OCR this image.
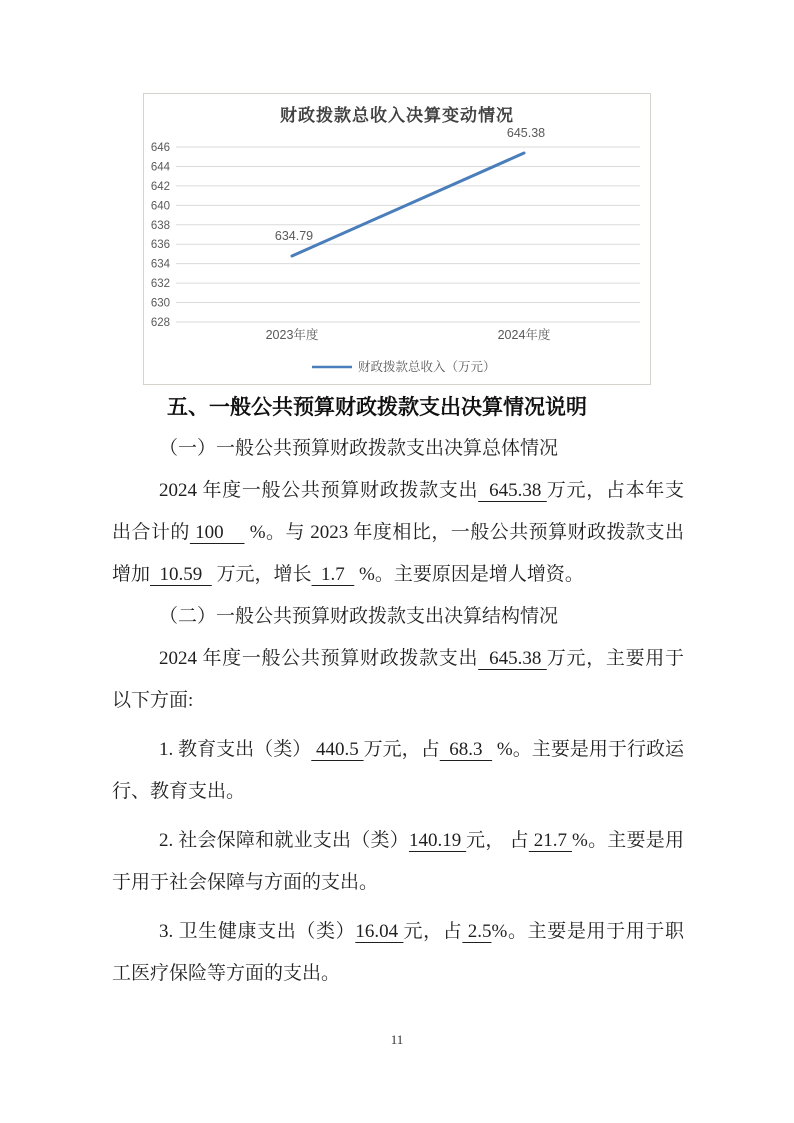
财政拨款总收入决算变动情况
628
630
632
634
636
638
640
642
644
646
2023年度	2024年度
634.79
645.38
财政拨款总收入（万元）
五、一般公共预算财政拨款支出决算情况说明

（一）一般公共预算财政拨款支出决算总体情况

2024 年度一般公共预算财政拨款支出  645.38 万元，占本年支出合计的 100     %。与 2023 年度相比，一般公共预算财政拨款支出增加  10.59   万元，增长  1.7   %。主要原因是增人增资。

（二）一般公共预算财政拨款支出决算结构情况

2024 年度一般公共预算财政拨款支出  645.38 万元，主要用于以下方面:

1. 教育支出（类） 440.5 万元，占  68.3   %。主要是用于行政运行、教育支出。

2. 社会保障和就业支出（类）140.19 元， 占 21.7 %。主要是用于用于社会保障与方面的支出。

3. 卫生健康支出（类）16.04 元，占 2.5%。主要是用于用于职工医疗保险等方面的支出。

11
